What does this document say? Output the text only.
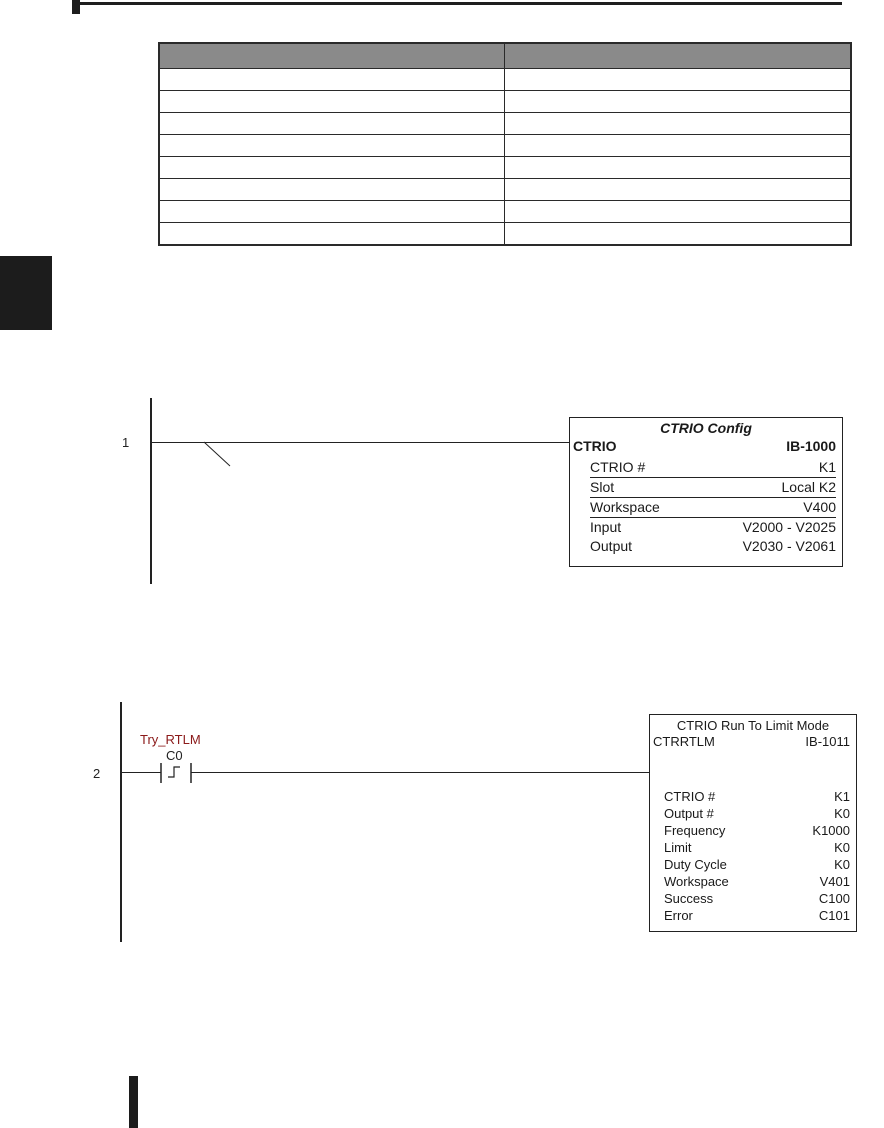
1
CTRIO Config
CTRIO	IB-1000
CTRIO #	K1
Slot	Local K2
Workspace	V400
Input	V2000 - V2025
Output	V2030 - V2061
2
Try_RTLM
C0
CTRIO Run To Limit Mode
CTRRTLM	IB-1011
CTRIO #	K1
Output #	K0
Frequency	K1000
Limit	K0
Duty Cycle	K0
Workspace	V401
Success	C100
Error	C101
